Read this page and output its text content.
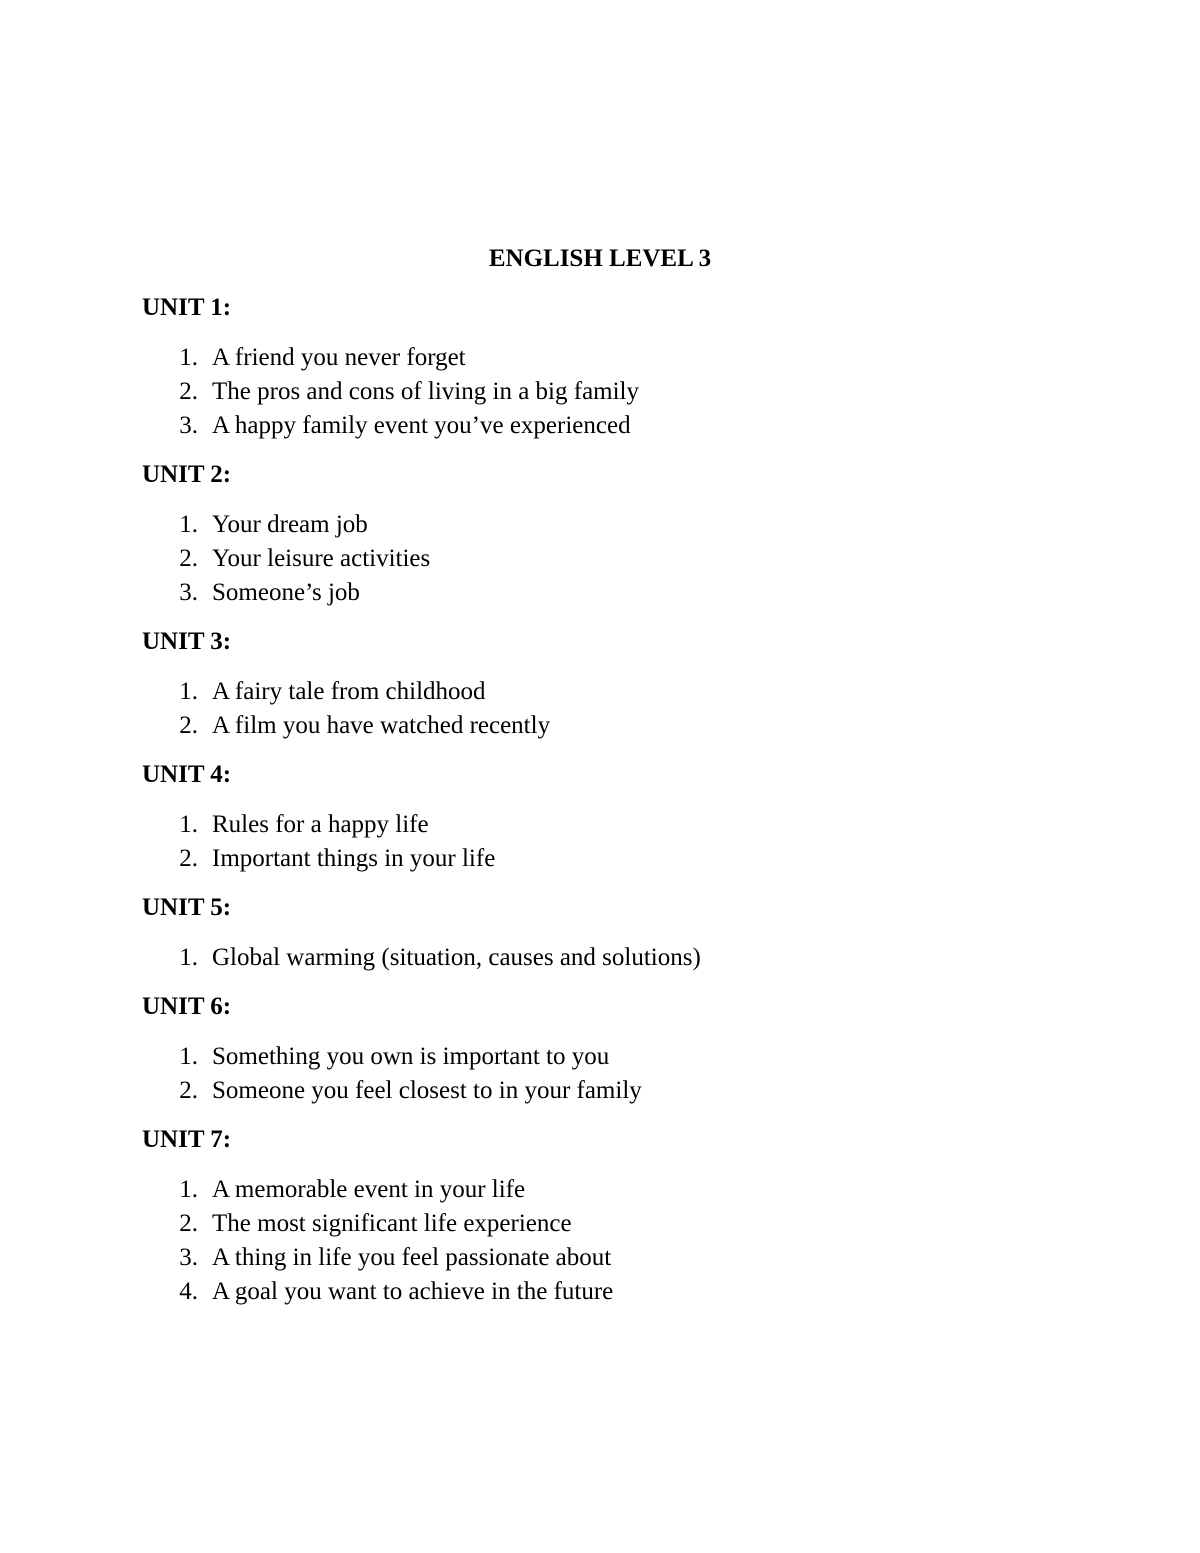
ENGLISH LEVEL 3
UNIT 1:
1. A friend you never forget
2. The pros and cons of living in a big family
3. A happy family event you’ve experienced
UNIT 2:
1. Your dream job
2. Your leisure activities
3. Someone’s job
UNIT 3:
1. A fairy tale from childhood
2. A film you have watched recently
UNIT 4:
1. Rules for a happy life
2. Important things in your life
UNIT 5:
1. Global warming (situation, causes and solutions)
UNIT 6:
1. Something you own is important to you
2. Someone you feel closest to in your family
UNIT 7:
1. A memorable event in your life
2. The most significant life experience
3. A thing in life you feel passionate about
4. A goal you want to achieve in the future
